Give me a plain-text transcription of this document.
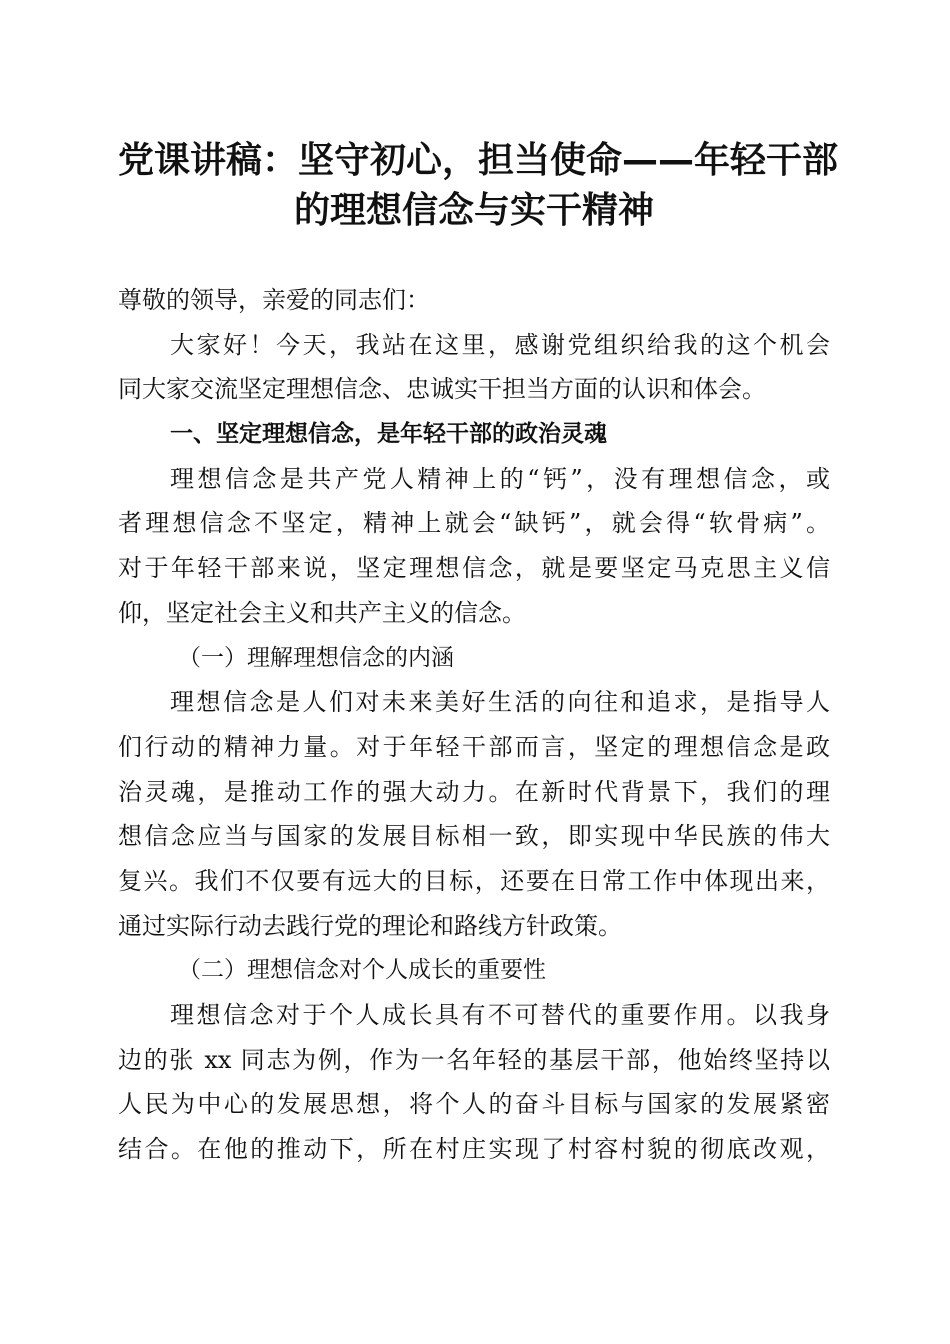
党课讲稿：坚守初心，担当使命——年轻干部
的理想信念与实干精神
尊敬的领导，亲爱的同志们：
大家好！今天，我站在这里，感谢党组织给我的这个机会
同大家交流坚定理想信念、忠诚实干担当方面的认识和体会。
一、坚定理想信念，是年轻干部的政治灵魂
理想信念是共产党人精神上的“钙”，没有理想信念，或
者理想信念不坚定，精神上就会“缺钙”，就会得“软骨病”。
对于年轻干部来说，坚定理想信念，就是要坚定马克思主义信
仰，坚定社会主义和共产主义的信念。
（一）理解理想信念的内涵
理想信念是人们对未来美好生活的向往和追求，是指导人
们行动的精神力量。对于年轻干部而言，坚定的理想信念是政
治灵魂，是推动工作的强大动力。在新时代背景下，我们的理
想信念应当与国家的发展目标相一致，即实现中华民族的伟大
复兴。我们不仅要有远大的目标，还要在日常工作中体现出来，
通过实际行动去践行党的理论和路线方针政策。
（二）理想信念对个人成长的重要性
理想信念对于个人成长具有不可替代的重要作用。以我身
边的张 xx 同志为例，作为一名年轻的基层干部，他始终坚持以
人民为中心的发展思想，将个人的奋斗目标与国家的发展紧密
结合。在他的推动下，所在村庄实现了村容村貌的彻底改观，
